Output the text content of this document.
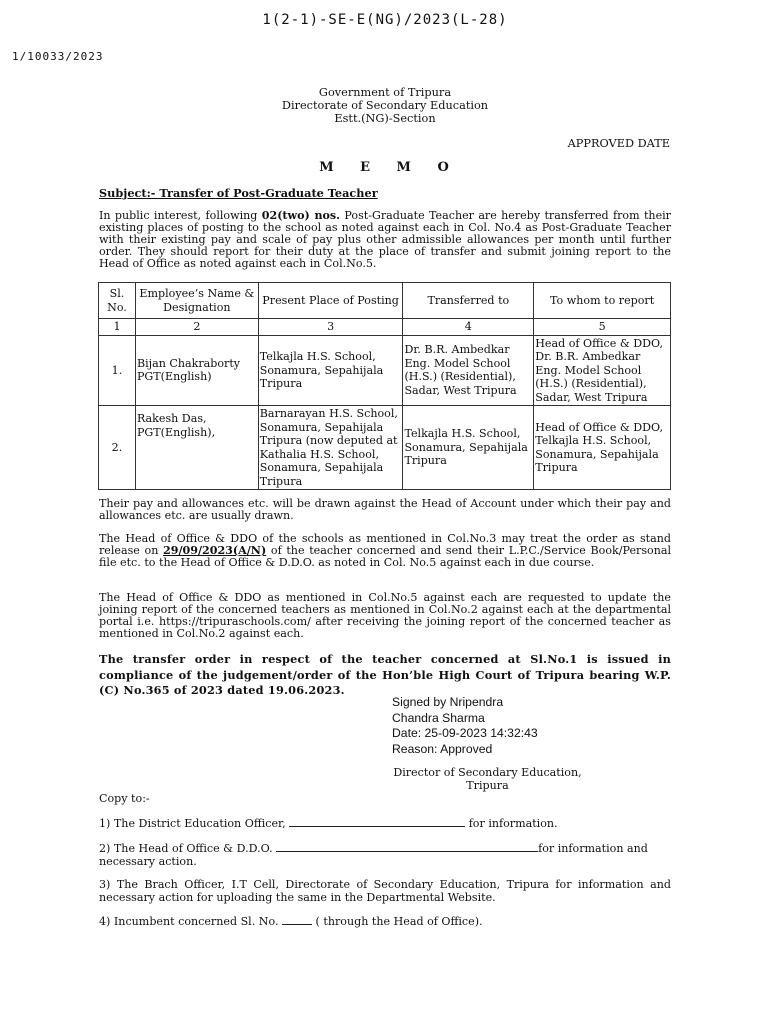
1(2-1)-SE-E(NG)/2023(L-28)
1/10033/2023
Government of Tripura
Directorate of Secondary Education
Estt.(NG)-Section
APPROVED DATE
M E M O
Subject:- Transfer of Post-Graduate Teacher
In public interest, following 02(two) nos. Post-Graduate Teacher are hereby transferred from their existing places of posting to the school as noted against each in Col. No.4 as Post-Graduate Teacher with their existing pay and scale of pay plus other admissible allowances per month until further order. They should report for their duty at the place of transfer and submit joining report to the Head of Office as noted against each in Col.No.5.
Sl. No.	Employee’s Name & Designation	Present Place of Posting	Transferred to	To whom to report
1	2	3	4	5
1.	Bijan Chakraborty PGT(English)	Telkajla H.S. School, Sonamura, Sepahijala Tripura	Dr. B.R. Ambedkar Eng. Model School (H.S.) (Residential), Sadar, West Tripura	Head of Office & DDO, Dr. B.R. Ambedkar Eng. Model School (H.S.) (Residential), Sadar, West Tripura
2.	Rakesh Das, PGT(English),	Barnarayan H.S. School, Sonamura, Sepahijala Tripura (now deputed at Kathalia H.S. School, Sonamura, Sepahijala Tripura	Telkajla H.S. School, Sonamura, Sepahijala Tripura	Head of Office & DDO, Telkajla H.S. School, Sonamura, Sepahijala Tripura
Their pay and allowances etc. will be drawn against the Head of Account under which their pay and allowances etc. are usually drawn.
The Head of Office & DDO of the schools as mentioned in Col.No.3 may treat the order as stand release on 29/09/2023(A/N) of the teacher concerned and send their L.P.C./Service Book/Personal file etc. to the Head of Office & D.D.O. as noted in Col. No.5 against each in due course.
The Head of Office & DDO as mentioned in Col.No.5 against each are requested to update the joining report of the concerned teachers as mentioned in Col.No.2 against each at the departmental portal i.e. https://tripuraschools.com/ after receiving the joining report of the concerned teacher as mentioned in Col.No.2 against each.
The transfer order in respect of the teacher concerned at Sl.No.1 is issued in compliance of the judgement/order of the Hon’ble High Court of Tripura bearing W.P. (C) No.365 of 2023 dated 19.06.2023.
Signed by Nripendra
Chandra Sharma
Date: 25-09-2023 14:32:43
Reason: Approved
Director of Secondary Education,
Tripura
Copy to:-
1) The District Education Officer,	for information.
2) The Head of Office & D.D.O.	for information and necessary action.
3) The Brach Officer, I.T Cell, Directorate of Secondary Education, Tripura for information and necessary action for uploading the same in the Departmental Website.
4) Incumbent concerned Sl. No.	( through the Head of Office).
